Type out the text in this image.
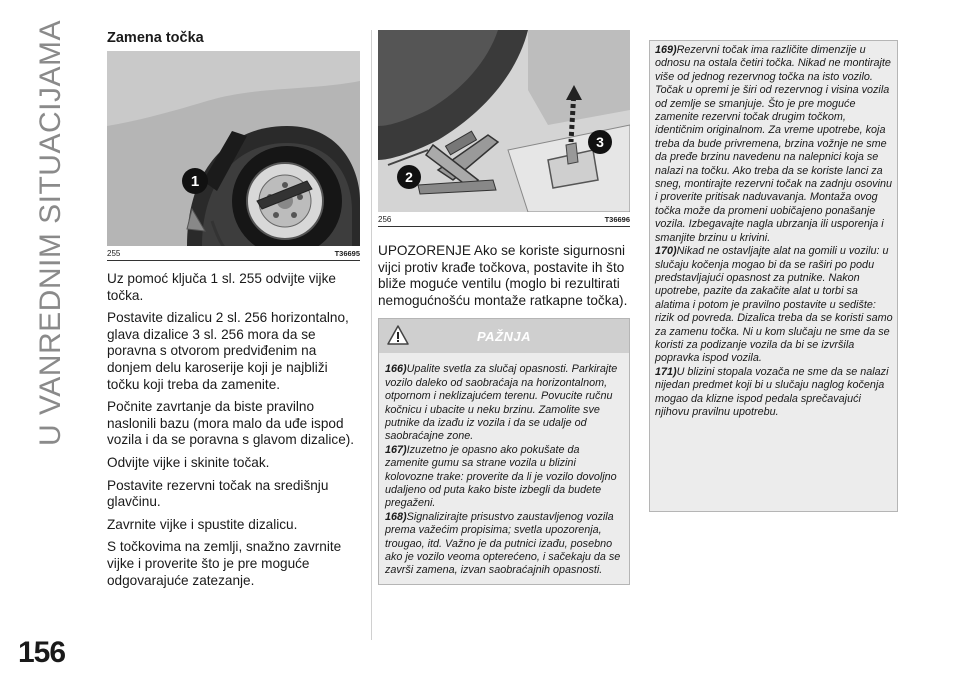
U VANREDNIM SITUACIJAMA
156
Zamena točka
1
255	T36695

Uz pomoć ključa 1 sl. 255 odvijte vijke točka.

Postavite dizalicu 2 sl. 256 horizontalno, glava dizalice 3 sl. 256 mora da se poravna s otvorom predviđenim na donjem delu karoserije koji je najbliži točku koji treba da zamenite.

Počnite zavrtanje da biste pravilno naslonili bazu (mora malo da uđe ispod vozila i da se poravna s glavom dizalice).

Odvijte vijke i skinite točak.

Postavite rezervni točak na središnju glavčinu.

Zavrnite vijke i spustite dizalicu.

S točkovima na zemlji, snažno zavrnite vijke i proverite što je pre moguće odgovarajuće zatezanje.

2
3
256	T36696

UPOZORENJE Ako se koriste sigurnosni vijci protiv krađe točkova, postavite ih što bliže moguće ventilu (moglo bi rezultirati nemogućnošću montaže ratkapne točka).

PAŽNJA

166)Upalite svetla za slučaj opasnosti. Parkirajte vozilo daleko od saobraćaja na horizontalnom, otpornom i neklizajućem terenu. Povucite ručnu kočnicu i ubacite u neku brzinu. Zamolite sve putnike da izađu iz vozila i da se udalje od saobraćajne zone.

167)Izuzetno je opasno ako pokušate da zamenite gumu sa strane vozila u blizini kolovozne trake: proverite da li je vozilo dovoljno udaljeno od puta kako biste izbegli da budete pregaženi.

168)Signalizirajte prisustvo zaustavljenog vozila prema važećim propisima; svetla upozorenja, trougao, itd. Važno je da putnici izađu, posebno ako je vozilo veoma opterećeno, i sačekaju da se završi zamena, izvan saobraćajnih opasnosti.

169)Rezervni točak ima različite dimenzije u odnosu na ostala četiri točka. Nikad ne montirajte više od jednog rezervnog točka na isto vozilo. Točak u opremi je širi od rezervnog i visina vozila od zemlje se smanjuje. Što je pre moguće zamenite rezervni točak drugim točkom, identičnim originalnom. Za vreme upotrebe, koja treba da bude privremena, brzina vožnje ne sme da pređe brzinu navedenu na nalepnici koja se nalazi na točku. Ako treba da se koriste lanci za sneg, montirajte rezervni točak na zadnju osovinu i proverite pritisak naduvavanja. Montaža ovog točka može da promeni uobičajeno ponašanje vozila. Izbegavajte nagla ubrzanja ili usporenja i smanjite brzinu u krivini.

170)Nikad ne ostavljajte alat na gomili u vozilu: u slučaju kočenja mogao bi da se raširi po podu predstavljajući opasnost za putnike. Nakon upotrebe, pazite da zakačite alat u torbi sa alatima i potom je pravilno postavite u sedište: rizik od povreda. Dizalica treba da se koristi samo za zamenu točka. Ni u kom slučaju ne sme da se koristi za podizanje vozila da bi se izvršila popravka ispod vozila.

171)U blizini stopala vozača ne sme da se nalazi nijedan predmet koji bi u slučaju naglog kočenja mogao da klizne ispod pedala sprečavajući njihovu pravilnu upotrebu.
